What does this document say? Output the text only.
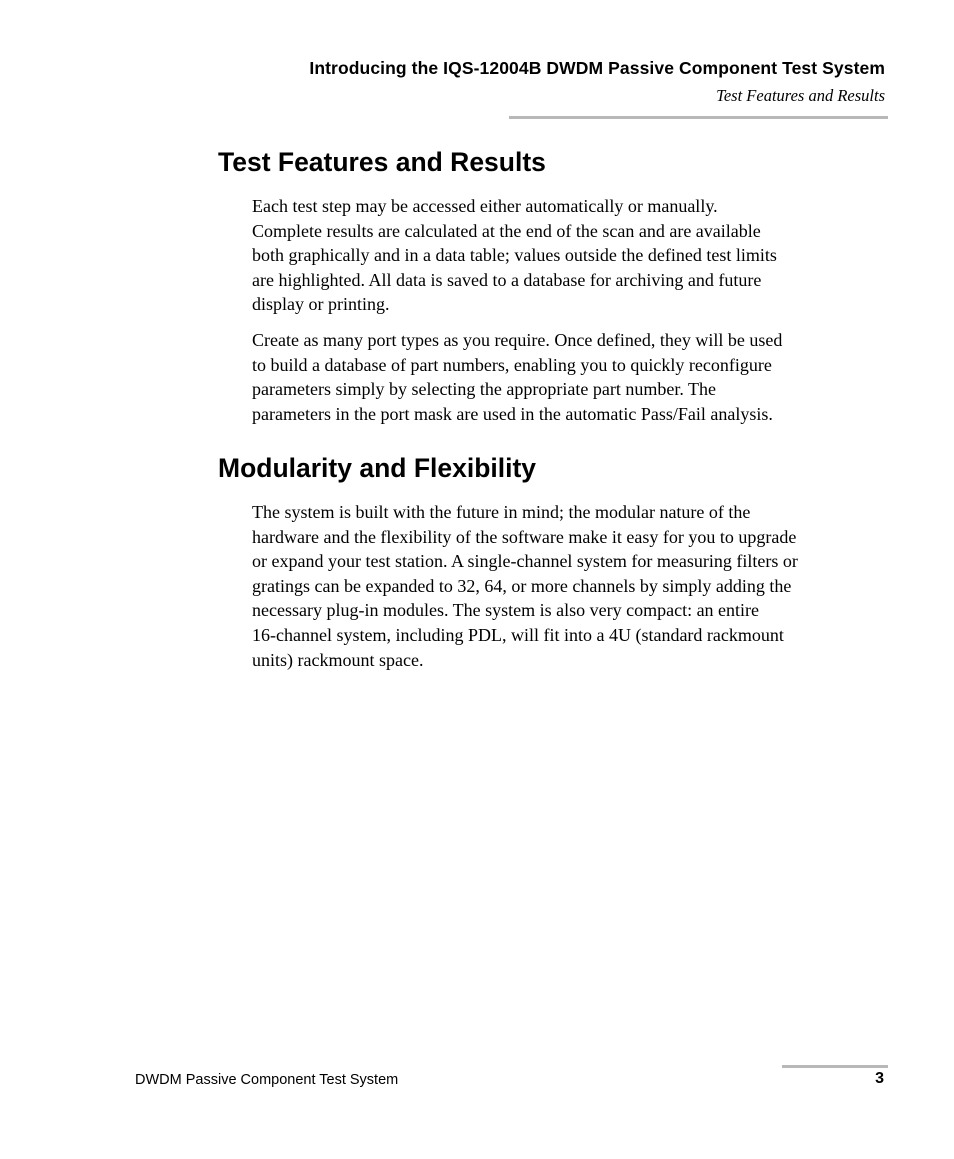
Introducing the IQS-12004B DWDM Passive Component Test System
Test Features and Results
Test Features and Results

Each test step may be accessed either automatically or manually.
Complete results are calculated at the end of the scan and are available
both graphically and in a data table; values outside the defined test limits
are highlighted. All data is saved to a database for archiving and future
display or printing.

Create as many port types as you require. Once defined, they will be used
to build a database of part numbers, enabling you to quickly reconfigure
parameters simply by selecting the appropriate part number. The
parameters in the port mask are used in the automatic Pass/Fail analysis.

Modularity and Flexibility

The system is built with the future in mind; the modular nature of the
hardware and the flexibility of the software make it easy for you to upgrade
or expand your test station. A single-channel system for measuring filters or
gratings can be expanded to 32, 64, or more channels by simply adding the
necessary plug-in modules. The system is also very compact: an entire
16-channel system, including PDL, will fit into a 4U (standard rackmount
units) rackmount space.

DWDM Passive Component Test System	3
